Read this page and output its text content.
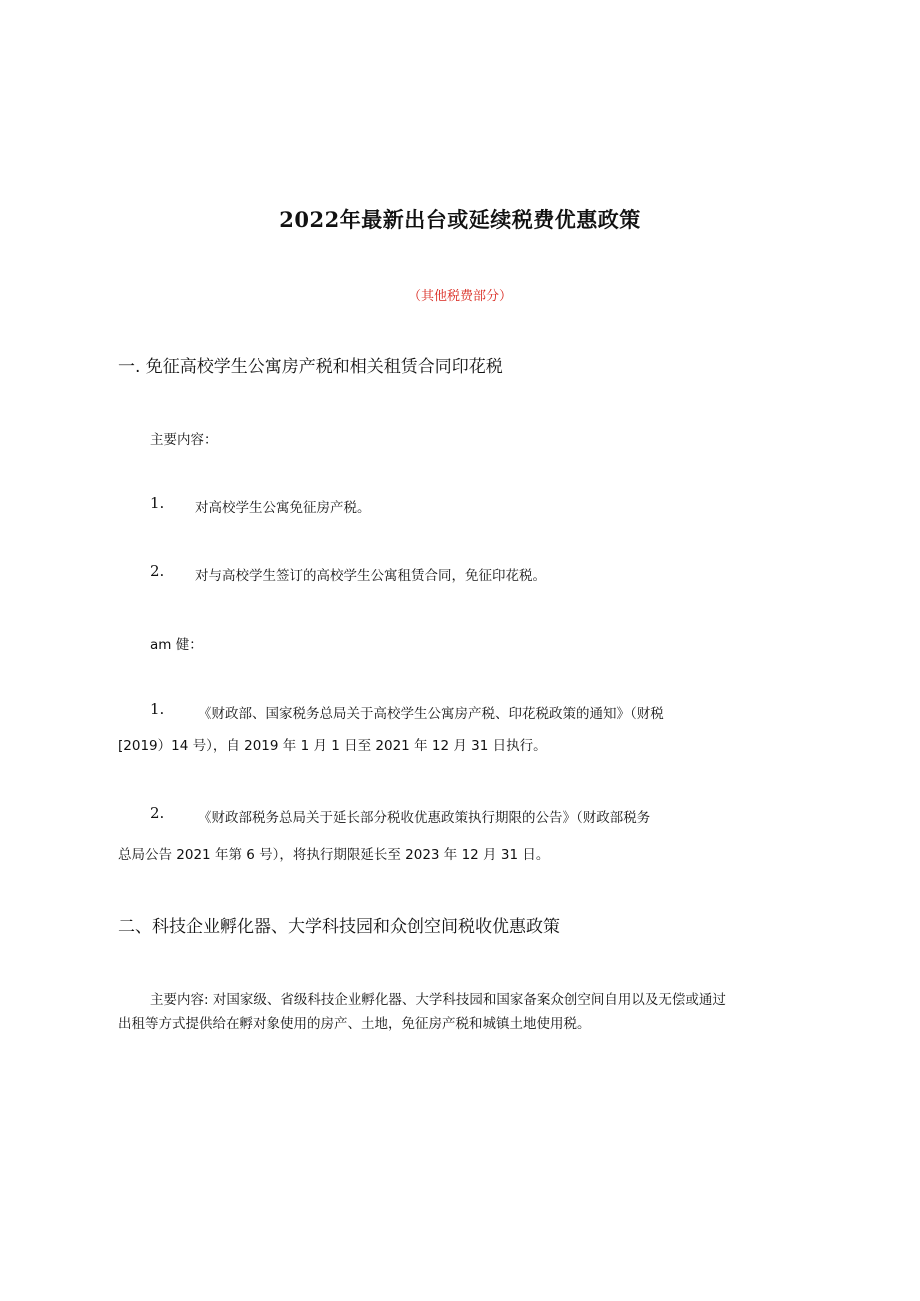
2022年最新出台或延续税费优惠政策
（其他税费部分）
一. 免征高校学生公寓房产税和相关租赁合同印花税
主要内容：
1. 对高校学生公寓免征房产税。
2. 对与高校学生签订的高校学生公寓租赁合同，免征印花税。
am 健：
1. 《财政部、国家税务总局关于高校学生公寓房产税、印花税政策的通知》（财税
[2019）14 号），自 2019 年 1 月 1 日至 2021 年 12 月 31 日执行。
2. 《财政部税务总局关于延长部分税收优惠政策执行期限的公告》（财政部税务
总局公告 2021 年第 6 号），将执行期限延长至 2023 年 12 月 31 日。
二、科技企业孵化器、大学科技园和众创空间税收优惠政策
主要内容: 对国家级、省级科技企业孵化器、大学科技园和国家备案众创空间自用以及无偿或通过
出租等方式提供给在孵对象使用的房产、土地，免征房产税和城镇土地使用税。
